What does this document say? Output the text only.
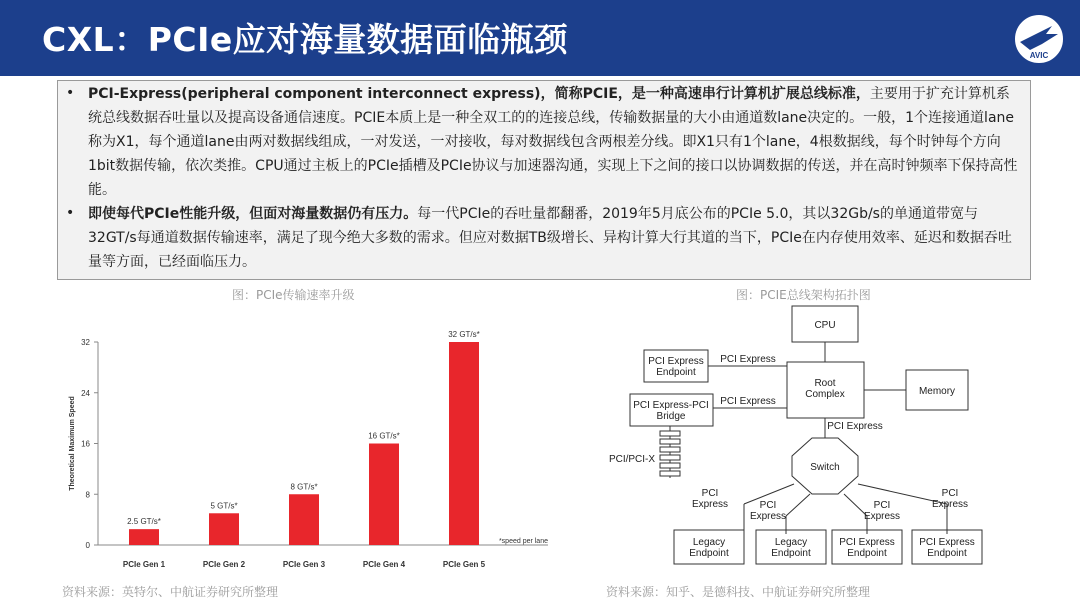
CXL：PCIe应对海量数据面临瓶颈	AVIC
• PCI-Express(peripheral component interconnect express)，简称PCIE，是一种高速串行计算机扩展总线标准，主要用于扩充计算机系统总线数据吞吐量以及提高设备通信速度。PCIE本质上是一种全双工的的连接总线，传输数据量的大小由通道数lane决定的。一般，1个连接通道lane称为X1，每个通道lane由两对数据线组成，一对发送，一对接收，每对数据线包含两根差分线。即X1只有1个lane，4根数据线，每个时钟每个方向1bit数据传输，依次类推。CPU通过主板上的PCIe插槽及PCIe协议与加速器沟通，实现上下之间的接口以协调数据的传送，并在高时钟频率下保持高性能。

• 即使每代PCIe性能升级，但面对海量数据仍有压力。每一代PCIe的吞吐量都翻番，2019年5月底公布的PCIe 5.0，其以32Gb/s的单通道带宽与32GT/s每通道数据传输速率，满足了现今绝大多数的需求。但应对数据TB级增长、异构计算大行其道的当下，PCIe在内存使用效率、延迟和数据吞吐量等方面，已经面临压力。

图：PCIe传输速率升级	图：PCIE总线架构拓扑图
0
8
16
24
32
Theoretical Maximum Speed
2.5 GT/s*
PCIe Gen 1
5 GT/s*
PCIe Gen 2
8 GT/s*
PCIe Gen 3
16 GT/s*
PCIe Gen 4
32 GT/s*
PCIe Gen 5
*speed per lane
CPU
Root
Complex	Memory
PCI Express
Endpoint
PCI Express-PCI
Bridge
PCI/PCI-X
PCI Express
PCI Express
PCI Express
Switch
PCI
Express	PCI
Express
PCI
Express
PCI
Express
Legacy
Endpoint
Legacy
Endpoint
PCI Express
Endpoint
PCI Express
Endpoint
资料来源：英特尔、中航证券研究所整理	资料来源：知乎、是德科技、中航证券研究所整理
